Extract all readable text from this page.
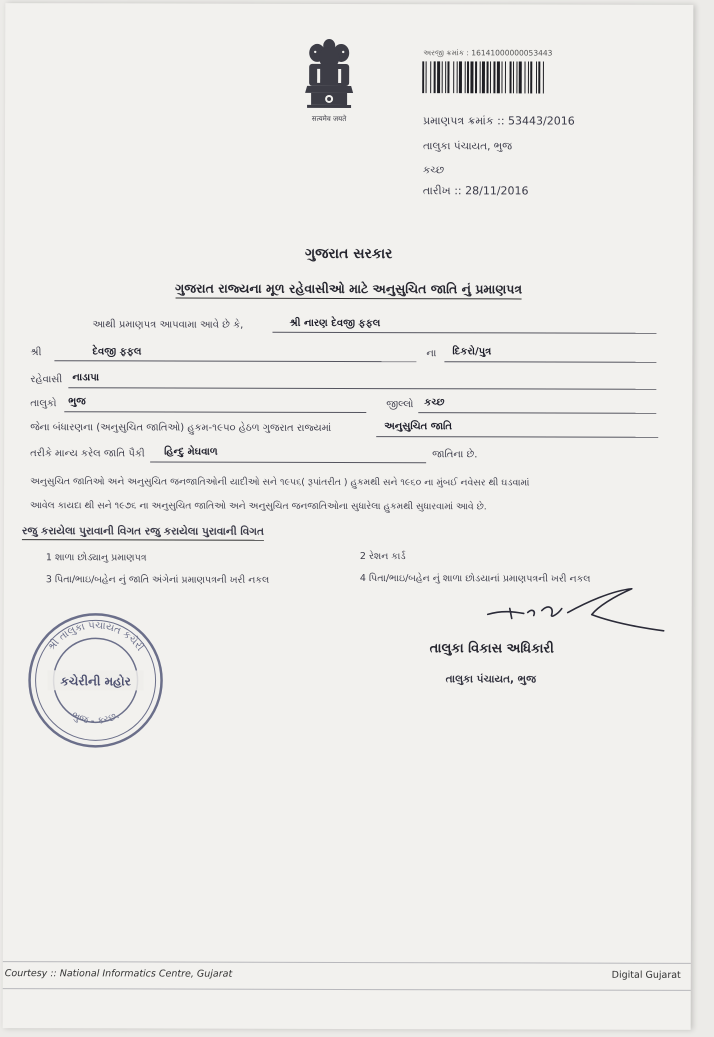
सत्यमेव जयते
અરજી ક્રમાંક : 16141000000053443
પ્રમાણપત્ર ક્રમાંક :: 53443/2016
તાલુકા પંચાયત, ભુજ
કચ્છ
તારીખ :: 28/11/2016
ગુજરાત સરકાર
ગુજરાત રાજ્યના મૂળ રહેવાસીઓ માટે અનુસુચિત જાતિ નું પ્રમાણપત્ર
આથી પ્રમાણપત્ર આપવામા આવે છે કે,	શ્રી નારણ દેવજી ફફલ
શ્રી	દેવજી ફફલ	ના દિકરો/પુત્ર
રહેવાસી નાડાપા
તાલુકો ભુજ	જીલ્લો કચ્છ
જેના બંધારણના (અનુસુચિત જાતિઓ) હુકમ-૧૯૫૦ હેઠળ ગુજરાત રાજ્યમાં	અનુસુચિત જાતિ
તરીકે માન્ય કરેલ જાતિ પૈકી હિન્દુ મેઘવાળ	જાતિના છે.
અનુસુચિત જાતિઓ અને અનુસુચિત જનજાતિઓની યાદીઓ સને ૧૯૫૬( રૂપાંતરીત ) હુકમથી સને ૧૯૬૦ ના મુંબઈ નવેસર થી ઘડવામાં
આવેલ કાયદા થી સને ૧૯૭૬ ના અનુસુચિત જાતિઓ અને અનુસુચિત જનજાતિઓના સુધારેલા હુકમથી સુધારવામાં આવે છે.
રજુ કરાયેલા પુરાવાની વિગત રજુ કરાયેલા પુરાવાની વિગત
1 શાળા છોડ્યાનુ પ્રમાણપત્ર	2 રેશન કાર્ડ
3 પિતા/ભાઇ/બહેન નું જાતિ અંગેનાં પ્રમાણપત્રની ખરી નકલ	4 પિતા/ભાઇ/બહેન નું શાળા છોડયાનાં પ્રમાણપત્રની ખરી નકલ
શ્રી તાલુકા પંચાયત કચેરી
ભુજ - કચ્છ.
કચેરીની મહોર
તાલુકા વિકાસ અધિકારી
તાલુકા પંચાયત, ભુજ
Courtesy :: National Informatics Centre, Gujarat	Digital Gujarat
